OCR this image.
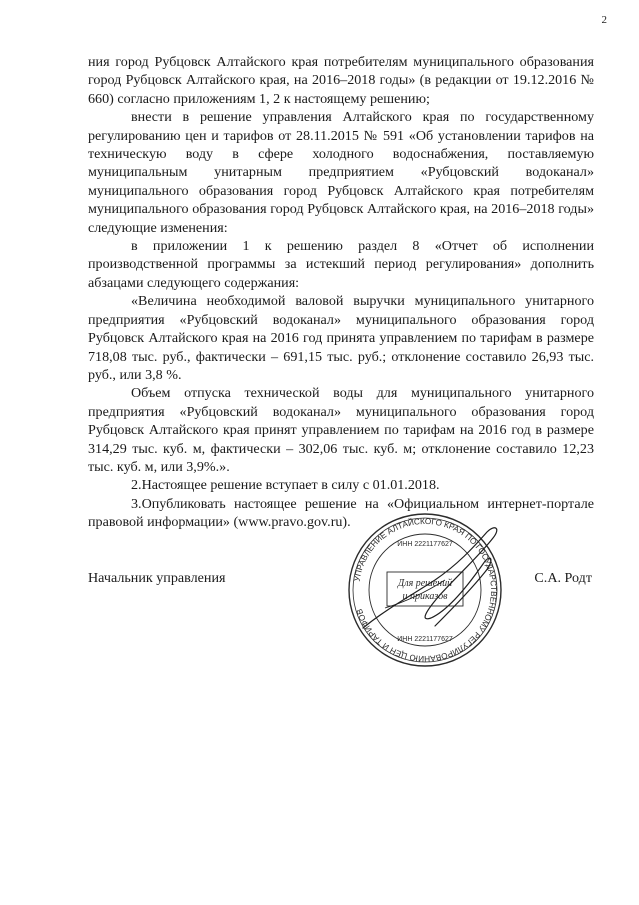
2

ния город Рубцовск Алтайского края потребителям муниципального образования город Рубцовск Алтайского края, на 2016–2018 годы» (в редакции от 19.12.2016 № 660) согласно приложениям 1, 2 к настоящему решению;

внести в решение управления Алтайского края по государственному регулированию цен и тарифов от 28.11.2015 № 591 «Об установлении тарифов на техническую воду в сфере холодного водоснабжения, поставляемую муниципальным унитарным предприятием «Рубцовский водоканал» муниципального образования город Рубцовск Алтайского края потребителям муниципального образования город Рубцовск Алтайского края, на 2016–2018 годы» следующие изменения:

в приложении 1 к решению раздел 8 «Отчет об исполнении производственной программы за истекший период регулирования» дополнить абзацами следующего содержания:

«Величина необходимой валовой выручки муниципального унитарного предприятия «Рубцовский водоканал» муниципального образования город Рубцовск Алтайского края на 2016 год принята управлением по тарифам в размере 718,08 тыс. руб., фактически – 691,15 тыс. руб.; отклонение составило 26,93 тыс. руб., или 3,8 %.

Объем отпуска технической воды для муниципального унитарного предприятия «Рубцовский водоканал» муниципального образования город Рубцовск Алтайского края принят управлением по тарифам на 2016 год в размере 314,29 тыс. куб. м, фактически – 302,06 тыс. куб. м; отклонение составило 12,23 тыс. куб. м, или 3,9%.».

2.Настоящее решение вступает в силу с 01.01.2018.

3.Опубликовать настоящее решение на «Официальном интернет-портале правовой информации» (www.pravo.gov.ru).

Начальник управления	С.А. Родт
УПРАВЛЕНИЕ АЛТАЙСКОГО КРАЯ ПО ГОСУДАРСТВЕННОМУ РЕГУЛИРОВАНИЮ ЦЕН И ТАРИФОВ
ИНН 2221177627
ИНН 2221177627
Для решений
и приказов
